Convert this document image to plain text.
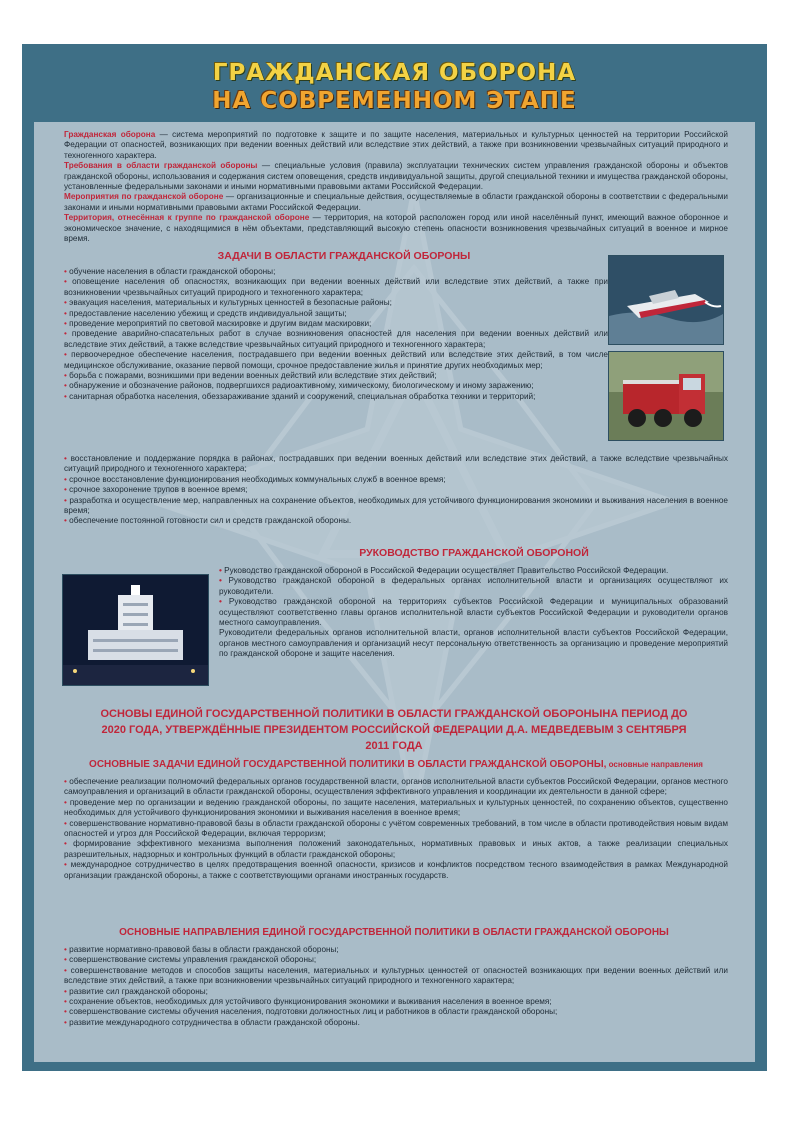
ГРАЖДАНСКАЯ ОБОРОНА
НА СОВРЕМЕННОМ ЭТАПЕ

Гражданская оборона — система мероприятий по подготовке к защите и по защите населения, материальных и культурных ценностей на территории Российской Федерации от опасностей, возникающих при ведении военных действий или вследствие этих действий, а также при возникновении чрезвычайных ситуаций природного и техногенного характера.

Требования в области гражданской обороны — специальные условия (правила) эксплуатации технических систем управления гражданской обороны и объектов гражданской обороны, использования и содержания систем оповещения, средств индивидуальной защиты, другой специальной техники и имущества гражданской обороны, установленные федеральными законами и иными нормативными правовыми актами Российской Федерации.

Мероприятия по гражданской обороне — организационные и специальные действия, осуществляемые в области гражданской обороны в соответствии с федеральными законами и иными нормативными правовыми актами Российской Федерации.

Территория, отнесённая к группе по гражданской обороне — территория, на которой расположен город или иной населённый пункт, имеющий важное оборонное и экономическое значение, с находящимися в нём объектами, представляющий высокую степень опасности возникновения чрезвычайных ситуаций в военное и мирное время.

ЗАДАЧИ В ОБЛАСТИ ГРАЖДАНСКОЙ ОБОРОНЫ
• обучение населения в области гражданской обороны;
• оповещение населения об опасностях, возникающих при ведении военных действий или вследствие этих действий, а также при возникновении чрезвычайных ситуаций природного и техногенного характера;
• эвакуация населения, материальных и культурных ценностей в безопасные районы;
• предоставление населению убежищ и средств индивидуальной защиты;
• проведение мероприятий по световой маскировке и другим видам маскировки;
• проведение аварийно-спасательных работ в случае возникновения опасностей для населения при ведении военных действий или вследствие этих действий, а также вследствие чрезвычайных ситуаций природного и техногенного характера;
• первоочередное обеспечение населения, пострадавшего при ведении военных действий или вследствие этих действий, в том числе медицинское обслуживание, оказание первой помощи, срочное предоставление жилья и принятие других необходимых мер;
• борьба с пожарами, возникшими при ведении военных действий или вследствие этих действий;
• обнаружение и обозначение районов, подвергшихся радиоактивному, химическому, биологическому и иному заражению;
• санитарная обработка населения, обеззараживание зданий и сооружений, специальная обработка техники и территорий;
• восстановление и поддержание порядка в районах, пострадавших при ведении военных действий или вследствие этих действий, а также вследствие чрезвычайных ситуаций природного и техногенного характера;
• срочное восстановление функционирования необходимых коммунальных служб в военное время;
• срочное захоронение трупов в военное время;
• разработка и осуществление мер, направленных на сохранение объектов, необходимых для устойчивого функционирования экономики и выживания населения в военное время;
• обеспечение постоянной готовности сил и средств гражданской обороны.
РУКОВОДСТВО ГРАЖДАНСКОЙ ОБОРОНОЙ

• Руководство гражданской обороной в Российской Федерации осуществляет Правительство Российской Федерации.

• Руководство гражданской обороной в федеральных органах исполнительной власти и организациях осуществляют их руководители.

• Руководство гражданской обороной на территориях субъектов Российской Федерации и муниципальных образований осуществляют соответственно главы органов исполнительной власти субъектов Российской Федерации и руководители органов местного самоуправления.

Руководители федеральных органов исполнительной власти, органов исполнительной власти субъектов Российской Федерации, органов местного самоуправления и организаций несут персональную ответственность за организацию и проведение мероприятий по гражданской обороне и защите населения.

ОСНОВЫ ЕДИНОЙ ГОСУДАРСТВЕННОЙ ПОЛИТИКИ В ОБЛАСТИ ГРАЖДАНСКОЙ ОБОРОНЫНА ПЕРИОД ДО 2020 ГОДА, УТВЕРЖДЁННЫЕ ПРЕЗИДЕНТОМ РОССИЙСКОЙ ФЕДЕРАЦИИ Д.А. МЕДВЕДЕВЫМ 3 СЕНТЯБРЯ 2011 ГОДА
ОСНОВНЫЕ ЗАДАЧИ ЕДИНОЙ ГОСУДАРСТВЕННОЙ ПОЛИТИКИ В ОБЛАСТИ ГРАЖДАНСКОЙ ОБОРОНЫ, основные направления
• обеспечение реализации полномочий федеральных органов государственной власти, органов исполнительной власти субъектов Российской Федерации, органов местного самоуправления и организаций в области гражданской обороны, осуществления эффективного управления и координации их деятельности в данной сфере;
• проведение мер по организации и ведению гражданской обороны, по защите населения, материальных и культурных ценностей, по сохранению объектов, существенно необходимых для устойчивого функционирования экономики и выживания населения в военное время;
• совершенствование нормативно-правовой базы в области гражданской обороны с учётом современных требований, в том числе в области противодействия новым видам опасностей и угроз для Российской Федерации, включая терроризм;
• формирование эффективного механизма выполнения положений законодательных, нормативных правовых и иных актов, а также реализации специальных разрешительных, надзорных и контрольных функций в области гражданской обороны;
• международное сотрудничество в целях предотвращения военной опасности, кризисов и конфликтов посредством тесного взаимодействия в рамках Международной организации гражданской обороны, а также с соответствующими органами иностранных государств.
ОСНОВНЫЕ НАПРАВЛЕНИЯ ЕДИНОЙ ГОСУДАРСТВЕННОЙ ПОЛИТИКИ В ОБЛАСТИ ГРАЖДАНСКОЙ ОБОРОНЫ
• развитие нормативно-правовой базы в области гражданской обороны;
• совершенствование системы управления гражданской обороны;
• совершенствование методов и способов защиты населения, материальных и культурных ценностей от опасностей возникающих при ведении военных действий или вследствие этих действий, а также при возникновении чрезвычайных ситуаций природного и техногенного характера;
• развитие сил гражданской обороны;
• сохранение объектов, необходимых для устойчивого функционирования экономики и выживания населения в военное время;
• совершенствование системы обучения населения, подготовки должностных лиц и работников в области гражданской обороны;
• развитие международного сотрудничества в области гражданской обороны.
